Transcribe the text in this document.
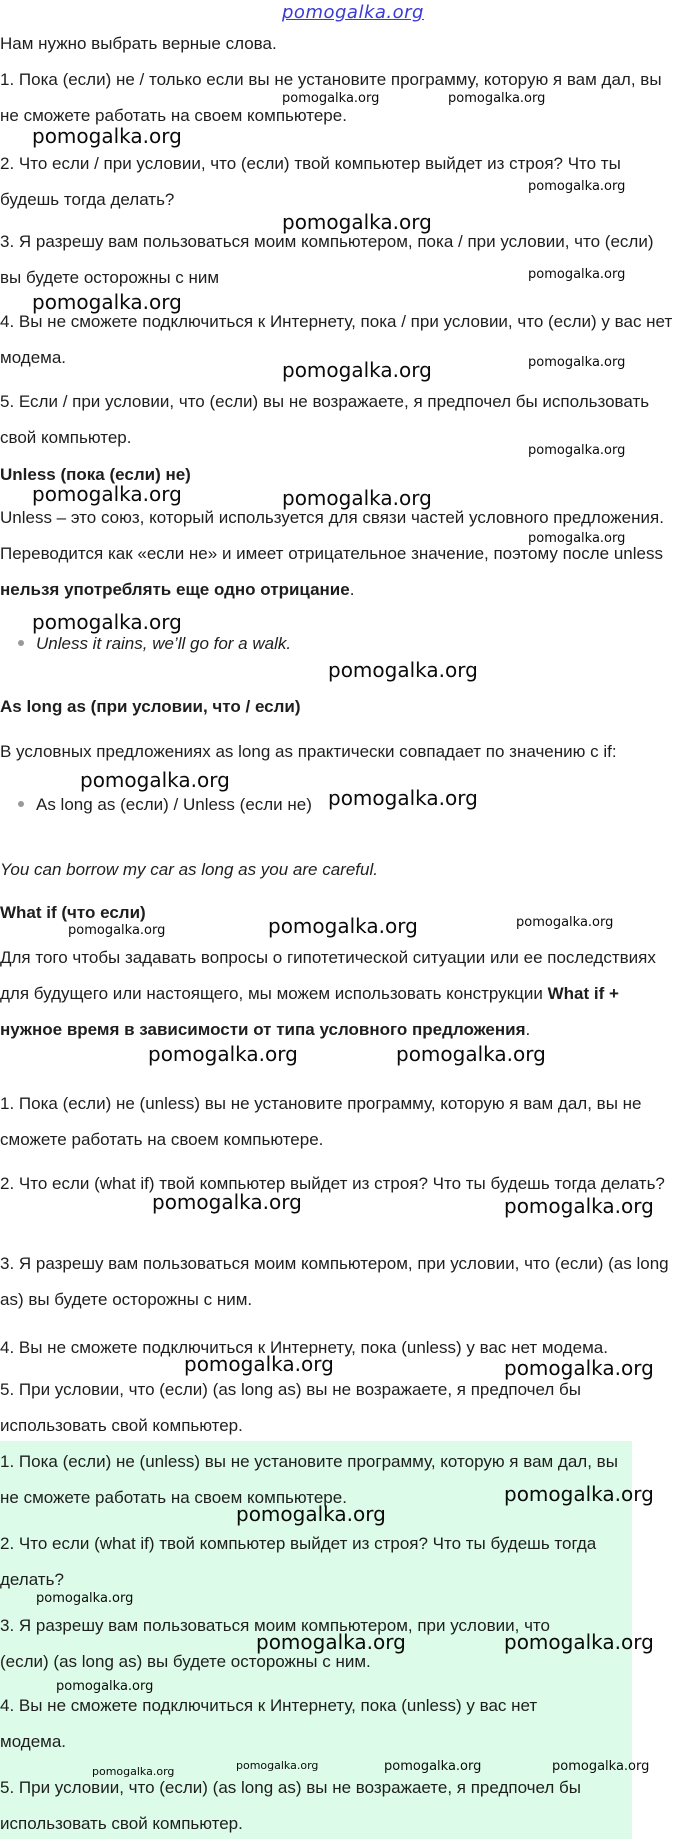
pomogalka.org

Нам нужно выбрать верные слова.

1. Пока (если) не / только если вы не установите программу, которую я вам дал, вы не сможете работать на своем компьютере.

2. Что если / при условии, что (если) твой компьютер выйдет из строя? Что ты будешь тогда делать?

3. Я разрешу вам пользоваться моим компьютером, пока / при условии, что (если) вы будете осторожны с ним

4. Вы не сможете подключиться к Интернету, пока / при условии, что (если) у вас нет модема.

5. Если / при условии, что (если) вы не возражаете, я предпочел бы использовать свой компьютер.

Unless (пока (если) не)

Unless – это союз, который используется для связи частей условного предложения. Переводится как «если не» и имеет отрицательное значение, поэтому после unless нельзя употреблять еще одно отрицание.

Unless it rains, we’ll go for a walk.
As long as (при условии, что / если)

В условных предложениях as long as практически совпадает по значению с if:

As long as (если) / Unless (если не)

You can borrow my car as long as you are careful.

What if (что если)

Для того чтобы задавать вопросы о гипотетической ситуации или ее последствиях для будущего или настоящего, мы можем использовать конструкции What if + нужное время в зависимости от типа условного предложения.

1. Пока (если) не (unless) вы не установите программу, которую я вам дал, вы не сможете работать на своем компьютере.

2. Что если (what if) твой компьютер выйдет из строя? Что ты будешь тогда делать?

3. Я разрешу вам пользоваться моим компьютером, при условии, что (если) (as long as) вы будете осторожны с ним.

4. Вы не сможете подключиться к Интернету, пока (unless) у вас нет модема.

5. При условии, что (если) (as long as) вы не возражаете, я предпочел бы использовать свой компьютер.

1. Пока (если) не (unless) вы не установите программу, которую я вам дал, вы не сможете работать на своем компьютере.

2. Что если (what if) твой компьютер выйдет из строя? Что ты будешь тогда делать?

3. Я разрешу вам пользоваться моим компьютером, при условии, что (если) (as long as) вы будете осторожны с ним.

4. Вы не сможете подключиться к Интернету, пока (unless) у вас нет модема.

5. При условии, что (если) (as long as) вы не возражаете, я предпочел бы использовать свой компьютер.

pomogalka.org	pomogalka.org
pomogalka.org
pomogalka.org
pomogalka.org
pomogalka.org
pomogalka.org
pomogalka.org
pomogalka.org
pomogalka.org
pomogalka.org	pomogalka.org
pomogalka.org
pomogalka.org
pomogalka.org
pomogalka.org
pomogalka.org
pomogalka.org
pomogalka.org
pomogalka.org
pomogalka.org	pomogalka.org
pomogalka.org	pomogalka.org
pomogalka.org	pomogalka.org
pomogalka.org
pomogalka.org
pomogalka.org
pomogalka.org	pomogalka.org
pomogalka.org
pomogalka.org	pomogalka.org	pomogalka.org	pomogalka.org
